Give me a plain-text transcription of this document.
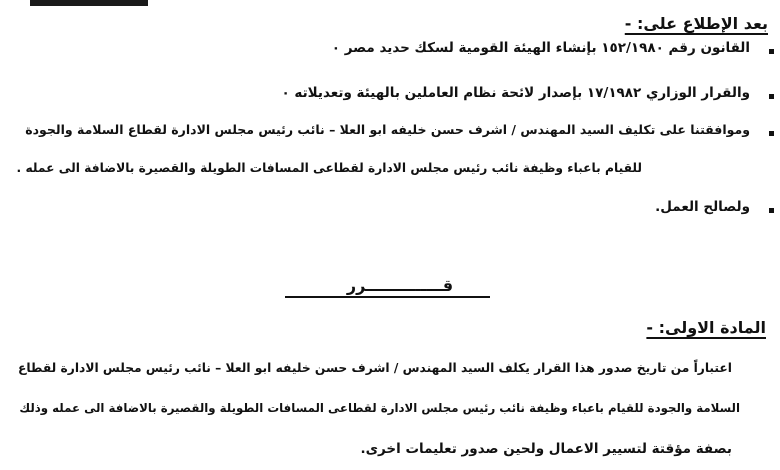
بعد الإطلاع على: -
القانون رقم ١٥٢/١٩٨٠ بإنشاء الهيئة القومية لسكك حديد مصر ٠
والقرار الوزاري ١٧/١٩٨٢ بإصدار لائحة نظام العاملين بالهيئة وتعديلاته ٠
وموافقتنا على تكليف السيد المهندس / اشرف حسن خليفه ابو العلا – نائب رئيس مجلس الادارة لقطاع السلامة والجودة
للقيام باعباء وظيفة نائب رئيس مجلس الادارة لقطاعى المسافات الطويلة والقصيرة بالاضافة الى عمله .
ولصالح العمل.
قــــــــــــــرر
المادة الاولى: -
اعتباراً من تاريخ صدور هذا القرار يكلف السيد المهندس / اشرف حسن خليفه ابو العلا – نائب رئيس مجلس الادارة لقطاع
السلامة والجودة للقيام باعباء وظيفة نائب رئيس مجلس الادارة لقطاعى المسافات الطويلة والقصيرة بالاضافة الى عمله وذلك
بصفة مؤقتة لتسيير الاعمال ولحين صدور تعليمات اخرى.
